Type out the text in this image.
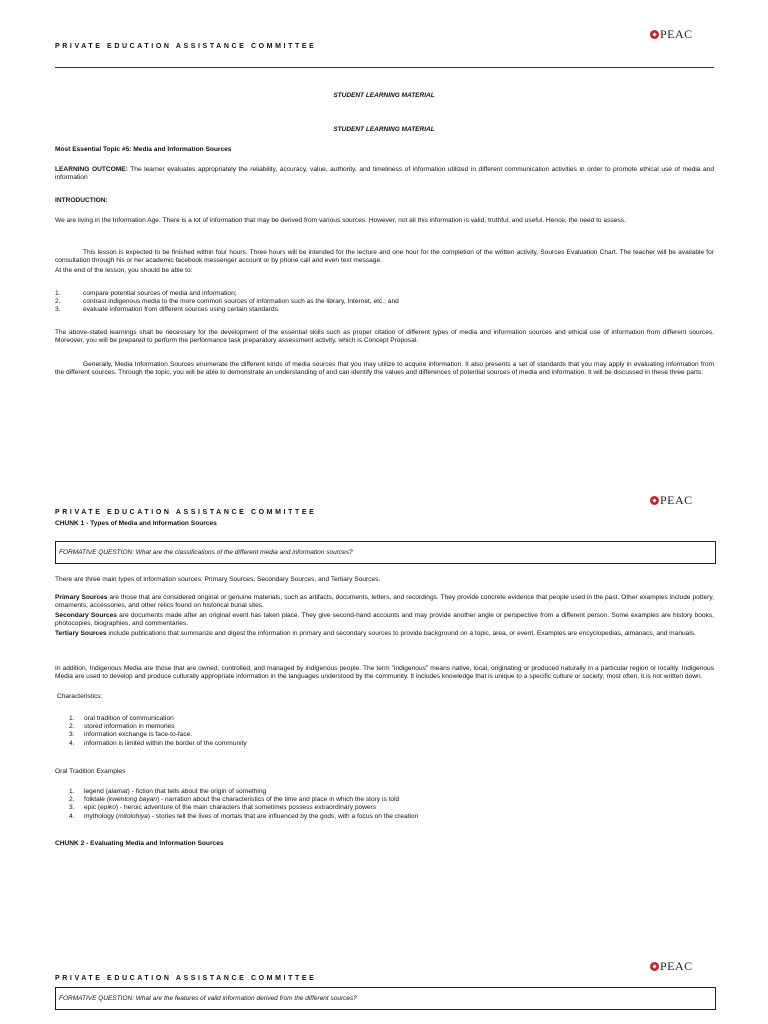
PRIVATE EDUCATION ASSISTANCE COMMITTEE
PEAC
STUDENT LEARNING MATERIAL
STUDENT LEARNING MATERIAL
Most Essential Topic #5: Media and Information Sources
LEARNING OUTCOME: The learner evaluates appropriately the reliability, accuracy, value, authority, and timeliness of information utilized in different communication activities in order to promote ethical use of media and information
INTRODUCTION:
We are living in the Information Age. There is a lot of information that may be derived from various sources. However, not all this information is valid, truthful, and useful. Hence, the need to assess.
This lesson is expected to be finished within four hours. Three hours will be intended for the lecture and one hour for the completion of the written activity, Sources Evaluation Chart. The teacher will be available for consultation through his or her academic facebook messenger account or by phone call and even text message.
At the end of the lesson, you should be able to:
1.	compare potential sources of media and information;
2.	contrast indigenous media to the more common sources of information such as the library, Internet, etc.; and
3.	evaluate information from different sources using certain standards.
The above-stated learnings shall be necessary for the development of the essential skills such as proper citation of different types of media and information sources and ethical use of information from different sources. Moreover, you will be prepared to perform the performance task preparatory assessment activity, which is Concept Proposal.
Generally, Media Information Sources enumerate the different kinds of media sources that you may utilize to acquire information. It also presents a set of standards that you may apply in evaluating information from the different sources. Through the topic, you will be able to demonstrate an understanding of and can identify the values and differences of potential sources of media and information. It will be discussed in these three parts:
PRIVATE EDUCATION ASSISTANCE COMMITTEE
PEAC
CHUNK 1 - Types of Media and Information Sources
FORMATIVE QUESTION: What are the classifications of the different media and information sources?
There are three main types of information sources: Primary Sources, Secondary Sources, and Tertiary Sources.
Primary Sources are those that are considered original or genuine materials, such as artifacts, documents, letters, and recordings. They provide concrete evidence that people used in the past. Other examples include pottery, ornaments, accessories, and other relics found on historical burial sites.
Secondary Sources are documents made after an original event has taken place. They give second-hand accounts and may provide another angle or perspective from a different person. Some examples are history books, photocopies, biographies, and commentaries.
Tertiary Sources include publications that summarize and digest the information in primary and secondary sources to provide background on a topic, area, or event. Examples are encyclopedias, almanacs, and manuals.
In addition, Indigenous Media are those that are owned, controlled, and managed by indigenous people. The term "indigenous" means native, local, originating or produced naturally in a particular region or locality. Indigenous Media are used to develop and produce culturally appropriate information in the languages understood by the community. It includes knowledge that is unique to a specific culture or society; most often, it is not written down.
Characteristics:
1. oral tradition of communication
2. stored information in memories
3. information exchange is face-to-face.
4. information is limited within the border of the community
Oral Tradition Examples
1. legend (alamat) - fiction that tells about the origin of something
2. folktale (kwentong bayan) - narration about the characteristics of the time and place in which the story is told
3. epic (epiko) - heroic adventure of the main characters that sometimes possess extraordinary powers
4. mythology (mitolohiya) - stories tell the lives of mortals that are influenced by the gods, with a focus on the creation
CHUNK 2 - Evaluating Media and Information Sources
PRIVATE EDUCATION ASSISTANCE COMMITTEE
PEAC
FORMATIVE QUESTION: What are the features of valid information derived from the different sources?
